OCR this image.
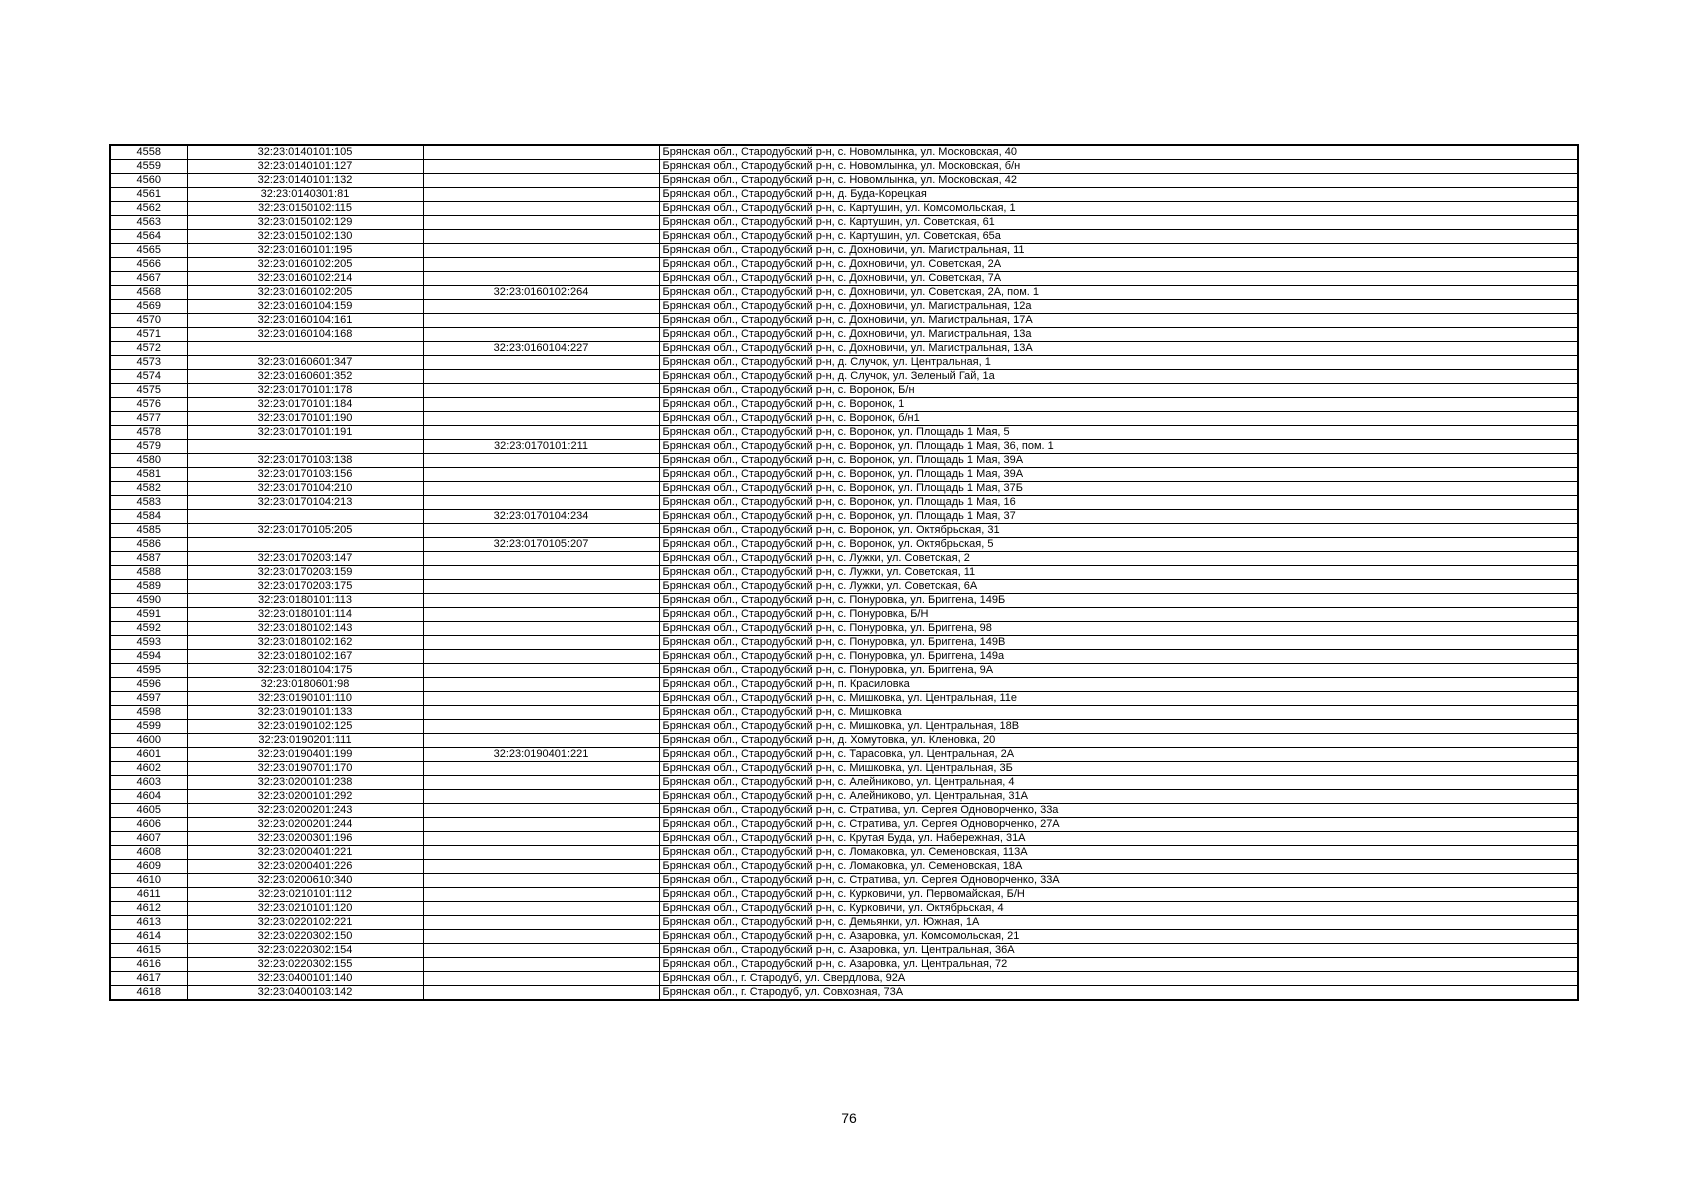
4558	32:23:0140101:105		Брянская обл., Стародубский р-н, с. Новомлынка, ул. Московская, 40
4559	32:23:0140101:127		Брянская обл., Стародубский р-н, с. Новомлынка, ул. Московская, б/н
4560	32:23:0140101:132		Брянская обл., Стародубский р-н, с. Новомлынка, ул. Московская, 42
4561	32:23:0140301:81		Брянская обл., Стародубский р-н, д. Буда-Корецкая
4562	32:23:0150102:115		Брянская обл., Стародубский р-н, с. Картушин, ул. Комсомольская, 1
4563	32:23:0150102:129		Брянская обл., Стародубский р-н, с. Картушин, ул. Советская, 61
4564	32:23:0150102:130		Брянская обл., Стародубский р-н, с. Картушин, ул. Советская, 65а
4565	32:23:0160101:195		Брянская обл., Стародубский р-н, с. Дохновичи, ул. Магистральная, 11
4566	32:23:0160102:205		Брянская обл., Стародубский р-н, с. Дохновичи, ул. Советская, 2А
4567	32:23:0160102:214		Брянская обл., Стародубский р-н, с. Дохновичи, ул. Советская, 7А
4568	32:23:0160102:205	32:23:0160102:264	Брянская обл., Стародубский р-н, с. Дохновичи, ул. Советская, 2А, пом. 1
4569	32:23:0160104:159		Брянская обл., Стародубский р-н, с. Дохновичи, ул. Магистральная, 12а
4570	32:23:0160104:161		Брянская обл., Стародубский р-н, с. Дохновичи, ул. Магистральная, 17А
4571	32:23:0160104:168		Брянская обл., Стародубский р-н, с. Дохновичи, ул. Магистральная, 13а
4572		32:23:0160104:227	Брянская обл., Стародубский р-н, с. Дохновичи, ул. Магистральная, 13А
4573	32:23:0160601:347		Брянская обл., Стародубский р-н, д. Случок, ул. Центральная, 1
4574	32:23:0160601:352		Брянская обл., Стародубский р-н, д. Случок, ул. Зеленый Гай, 1а
4575	32:23:0170101:178		Брянская обл., Стародубский р-н, с. Воронок, Б/н
4576	32:23:0170101:184		Брянская обл., Стародубский р-н, с. Воронок, 1
4577	32:23:0170101:190		Брянская обл., Стародубский р-н, с. Воронок, б/н1
4578	32:23:0170101:191		Брянская обл., Стародубский р-н, с. Воронок, ул. Площадь 1 Мая, 5
4579		32:23:0170101:211	Брянская обл., Стародубский р-н, с. Воронок, ул. Площадь 1 Мая, 36, пом. 1
4580	32:23:0170103:138		Брянская обл., Стародубский р-н, с. Воронок, ул. Площадь 1 Мая, 39А
4581	32:23:0170103:156		Брянская обл., Стародубский р-н, с. Воронок, ул. Площадь 1 Мая, 39А
4582	32:23:0170104:210		Брянская обл., Стародубский р-н, с. Воронок, ул. Площадь 1 Мая, 37Б
4583	32:23:0170104:213		Брянская обл., Стародубский р-н, с. Воронок, ул. Площадь 1 Мая, 16
4584		32:23:0170104:234	Брянская обл., Стародубский р-н, с. Воронок, ул. Площадь 1 Мая, 37
4585	32:23:0170105:205		Брянская обл., Стародубский р-н, с. Воронок, ул. Октябрьская, 31
4586		32:23:0170105:207	Брянская обл., Стародубский р-н, с. Воронок, ул. Октябрьская, 5
4587	32:23:0170203:147		Брянская обл., Стародубский р-н, с. Лужки, ул. Советская, 2
4588	32:23:0170203:159		Брянская обл., Стародубский р-н, с. Лужки, ул. Советская, 11
4589	32:23:0170203:175		Брянская обл., Стародубский р-н, с. Лужки, ул. Советская, 6А
4590	32:23:0180101:113		Брянская обл., Стародубский р-н, с. Понуровка, ул. Бриггена, 149Б
4591	32:23:0180101:114		Брянская обл., Стародубский р-н, с. Понуровка, Б/Н
4592	32:23:0180102:143		Брянская обл., Стародубский р-н, с. Понуровка, ул. Бриггена, 98
4593	32:23:0180102:162		Брянская обл., Стародубский р-н, с. Понуровка, ул. Бриггена, 149В
4594	32:23:0180102:167		Брянская обл., Стародубский р-н, с. Понуровка, ул. Бриггена, 149а
4595	32:23:0180104:175		Брянская обл., Стародубский р-н, с. Понуровка, ул. Бриггена, 9А
4596	32:23:0180601:98		Брянская обл., Стародубский р-н, п. Красиловка
4597	32:23:0190101:110		Брянская обл., Стародубский р-н, с. Мишковка, ул. Центральная, 11е
4598	32:23:0190101:133		Брянская обл., Стародубский р-н, с. Мишковка
4599	32:23:0190102:125		Брянская обл., Стародубский р-н, с. Мишковка, ул. Центральная, 18В
4600	32:23:0190201:111		Брянская обл., Стародубский р-н, д. Хомутовка, ул. Кленовка, 20
4601	32:23:0190401:199	32:23:0190401:221	Брянская обл., Стародубский р-н, с. Тарасовка, ул. Центральная, 2А
4602	32:23:0190701:170		Брянская обл., Стародубский р-н, с. Мишковка, ул. Центральная, 3Б
4603	32:23:0200101:238		Брянская обл., Стародубский р-н, с. Алейниково, ул. Центральная, 4
4604	32:23:0200101:292		Брянская обл., Стародубский р-н, с. Алейниково, ул. Центральная, 31А
4605	32:23:0200201:243		Брянская обл., Стародубский р-н, с. Стратива, ул. Сергея Одноворченко, 33а
4606	32:23:0200201:244		Брянская обл., Стародубский р-н, с. Стратива, ул. Сергея Одноворченко, 27А
4607	32:23:0200301:196		Брянская обл., Стародубский р-н, с. Крутая Буда, ул. Набережная, 31А
4608	32:23:0200401:221		Брянская обл., Стародубский р-н, с. Ломаковка, ул. Семеновская, 113А
4609	32:23:0200401:226		Брянская обл., Стародубский р-н, с. Ломаковка, ул. Семеновская, 18А
4610	32:23:0200610:340		Брянская обл., Стародубский р-н, с. Стратива, ул. Сергея Одноворченко, 33А
4611	32:23:0210101:112		Брянская обл., Стародубский р-н, с. Курковичи, ул. Первомайская, Б/Н
4612	32:23:0210101:120		Брянская обл., Стародубский р-н, с. Курковичи, ул. Октябрьская, 4
4613	32:23:0220102:221		Брянская обл., Стародубский р-н, с. Демьянки, ул. Южная, 1А
4614	32:23:0220302:150		Брянская обл., Стародубский р-н, с. Азаровка, ул. Комсомольская, 21
4615	32:23:0220302:154		Брянская обл., Стародубский р-н, с. Азаровка, ул. Центральная, 36А
4616	32:23:0220302:155		Брянская обл., Стародубский р-н, с. Азаровка, ул. Центральная, 72
4617	32:23:0400101:140		Брянская обл., г. Стародуб, ул. Свердлова, 92А
4618	32:23:0400103:142		Брянская обл., г. Стародуб, ул. Совхозная, 73А
76
